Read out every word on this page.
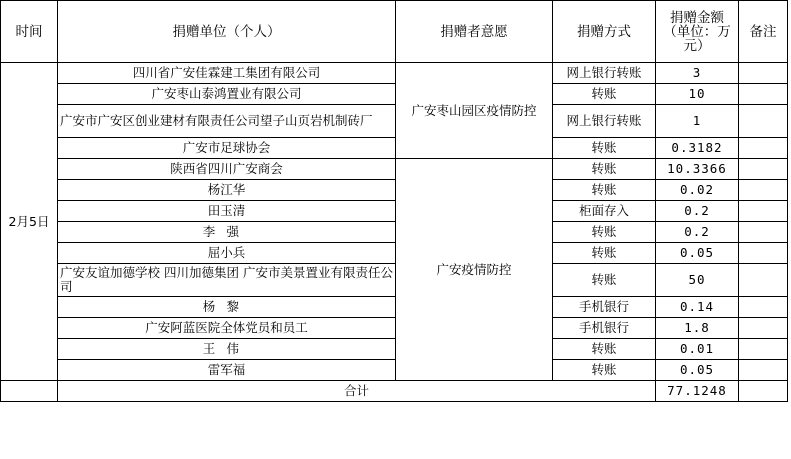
时间	捐赠单位（个人）	捐赠者意愿	捐赠方式	捐赠金额（单位：万元）	备注
2月5日	四川省广安佳霖建工集团有限公司	广安枣山园区疫情防控	网上银行转账	3	
	广安枣山泰鸿置业有限公司		转账	10	
	广安市广安区创业建材有限责任公司望子山页岩机制砖厂		网上银行转账	1	
	广安市足球协会		转账	0.3182	
	陕西省四川广安商会	广安疫情防控	转账	10.3366	
	杨江华		转账	0.02	
	田玉清		柜面存入	0.2	
	李强		转账	0.2	
	屈小兵		转账	0.05	
	广安友谊加德学校 四川加德集团 广安市美景置业有限责任公司		转账	50	
	杨黎		手机银行	0.14	
	广安阿蓝医院全体党员和员工		手机银行	1.8	
	王伟		转账	0.01	
	雷军福		转账	0.05	
	合计			77.1248	
